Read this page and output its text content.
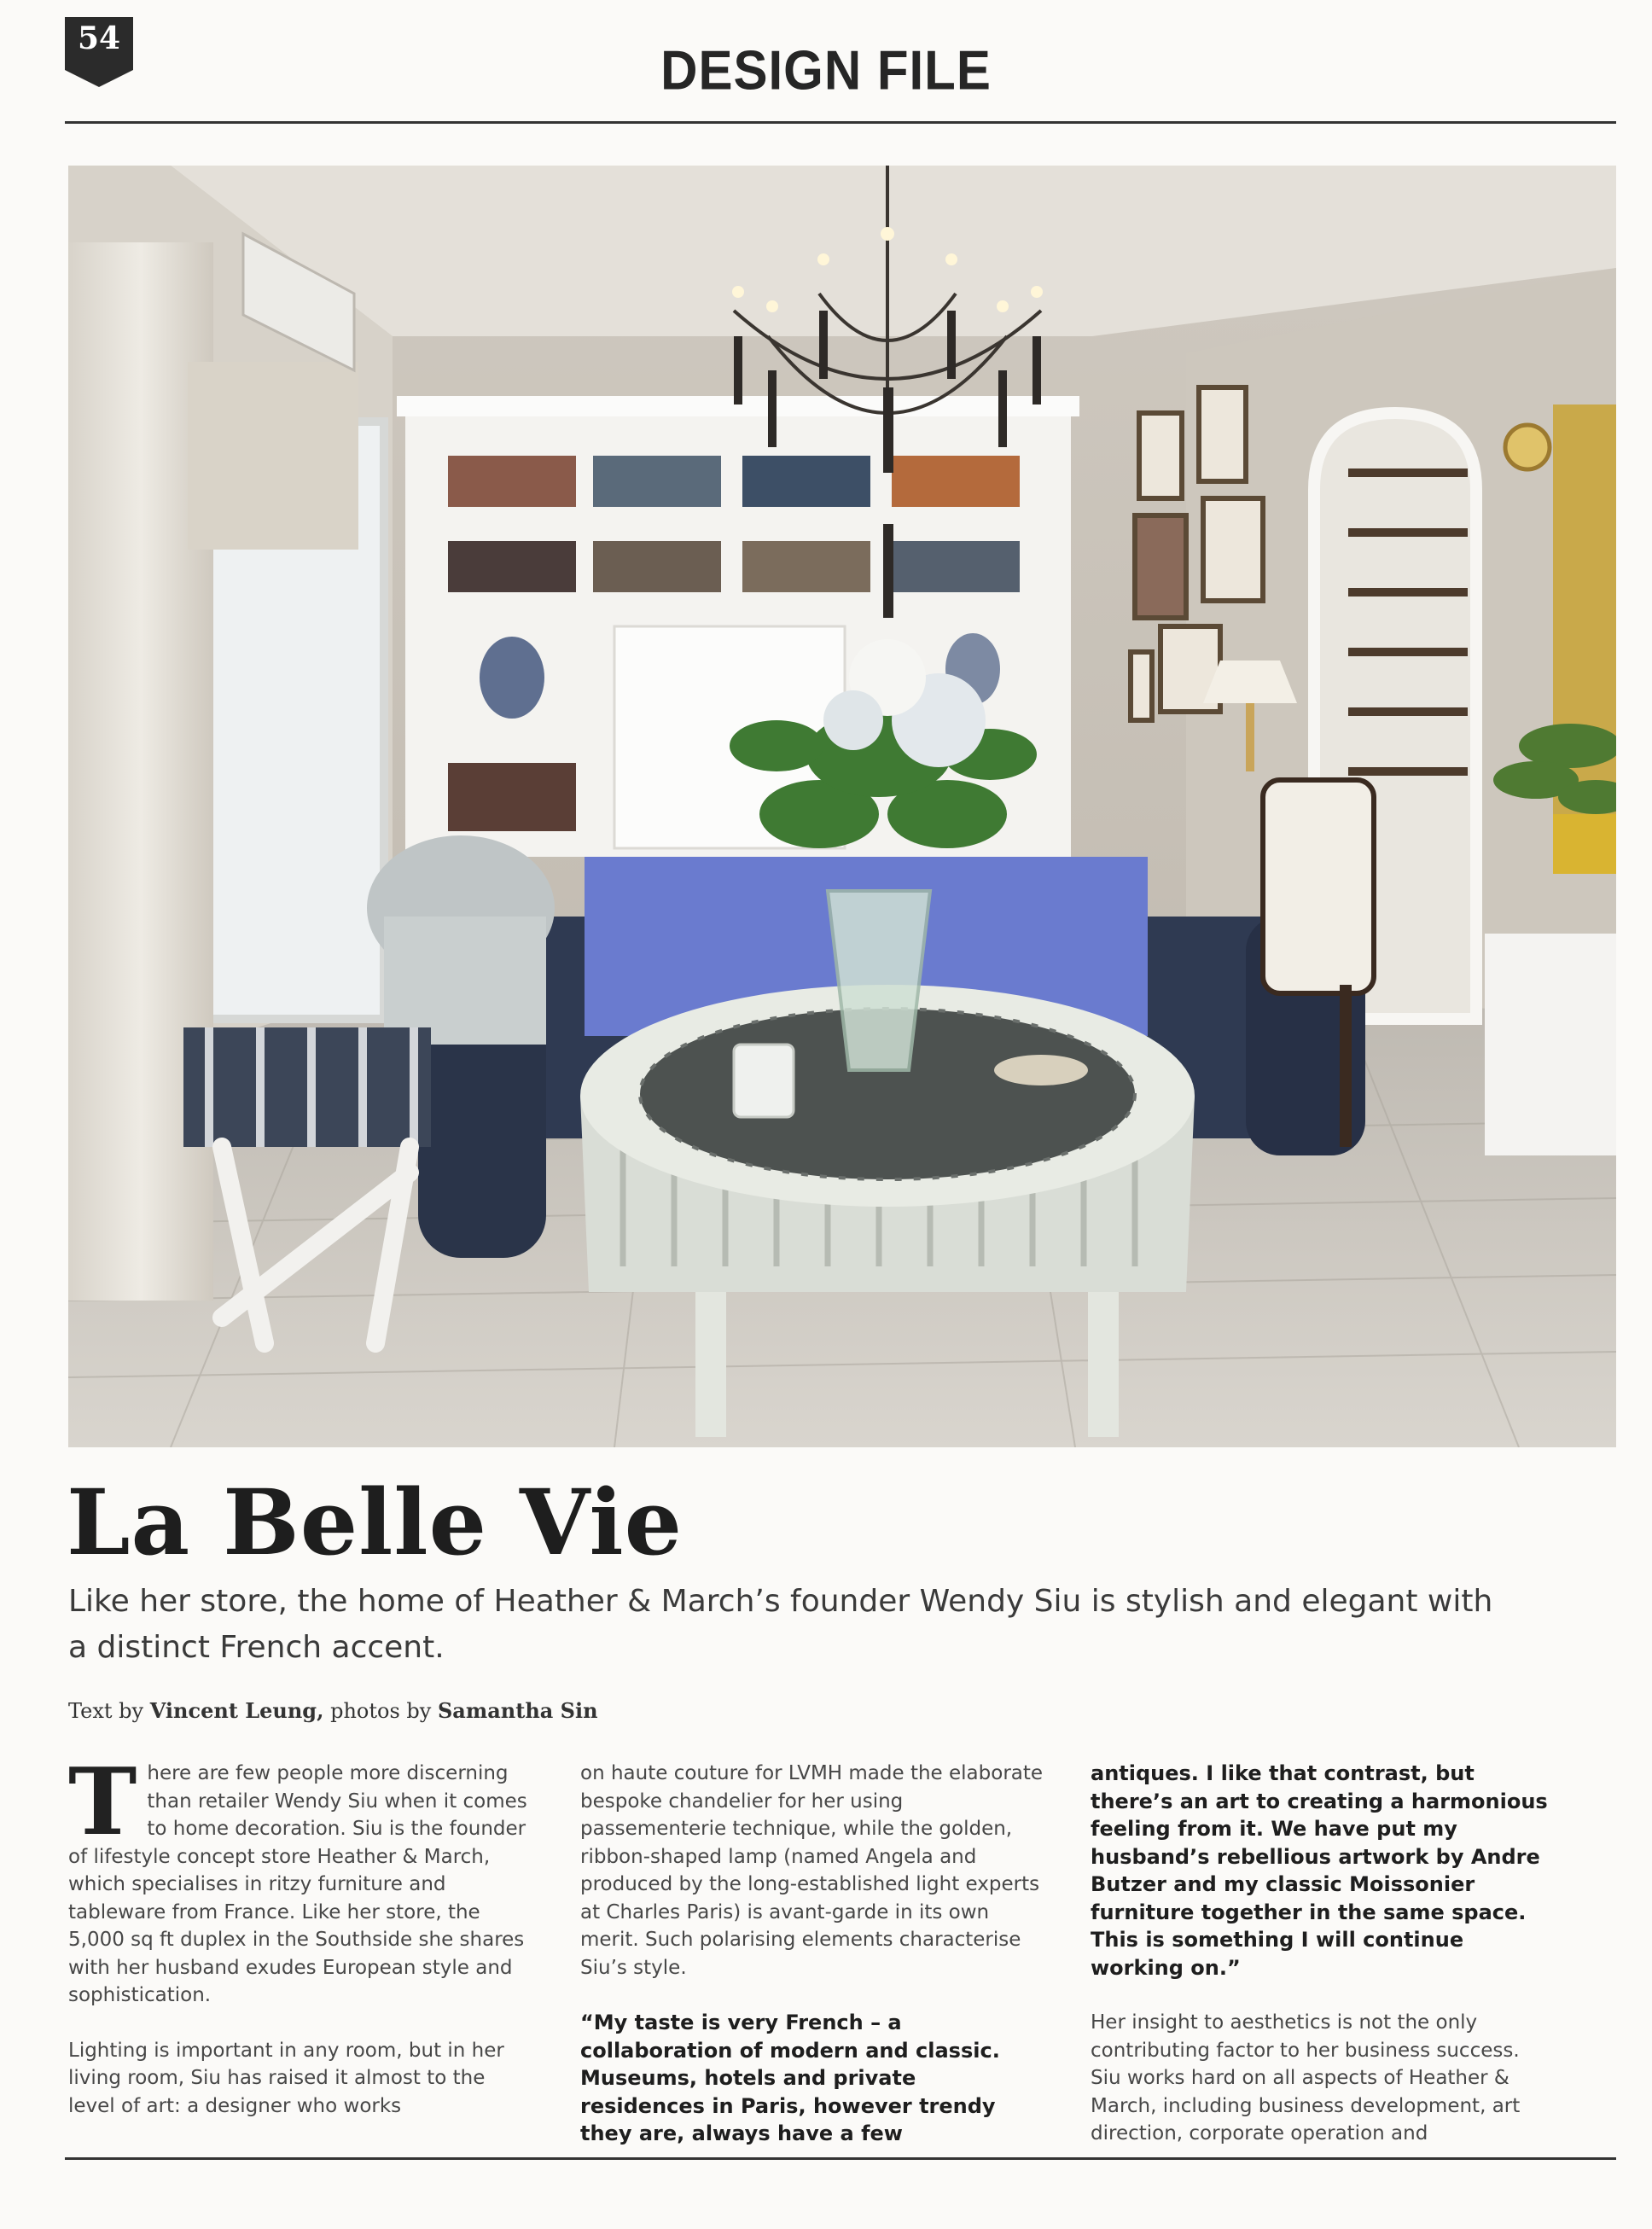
54
DESIGN FILE
La Belle Vie

Like her store, the home of Heather & March’s founder Wendy Siu is stylish and elegant with a distinct French accent.

Text by Vincent Leung, photos by Samantha Sin

There are few people more discerning than retailer Wendy Siu when it comes to home decoration. Siu is the founder of lifestyle concept store Heather & March, which specialises in ritzy furniture and tableware from France. Like her store, the 5,000 sq ft duplex in the Southside she shares with her husband exudes European style and sophistication.

Lighting is important in any room, but in her living room, Siu has raised it almost to the level of art: a designer who works

on haute couture for LVMH made the elaborate bespoke chandelier for her using passementerie technique, while the golden, ribbon-shaped lamp (named Angela and produced by the long-established light experts at Charles Paris) is avant-garde in its own merit. Such polarising elements characterise Siu’s style.

“My taste is very French – a collaboration of modern and classic. Museums, hotels and private residences in Paris, however trendy they are, always have a few

antiques. I like that contrast, but there’s an art to creating a harmonious feeling from it. We have put my husband’s rebellious artwork by Andre Butzer and my classic Moissonier furniture together in the same space. This is something I will continue working on.”

Her insight to aesthetics is not the only contributing factor to her business success. Siu works hard on all aspects of Heather & March, including business development, art direction, corporate operation and
